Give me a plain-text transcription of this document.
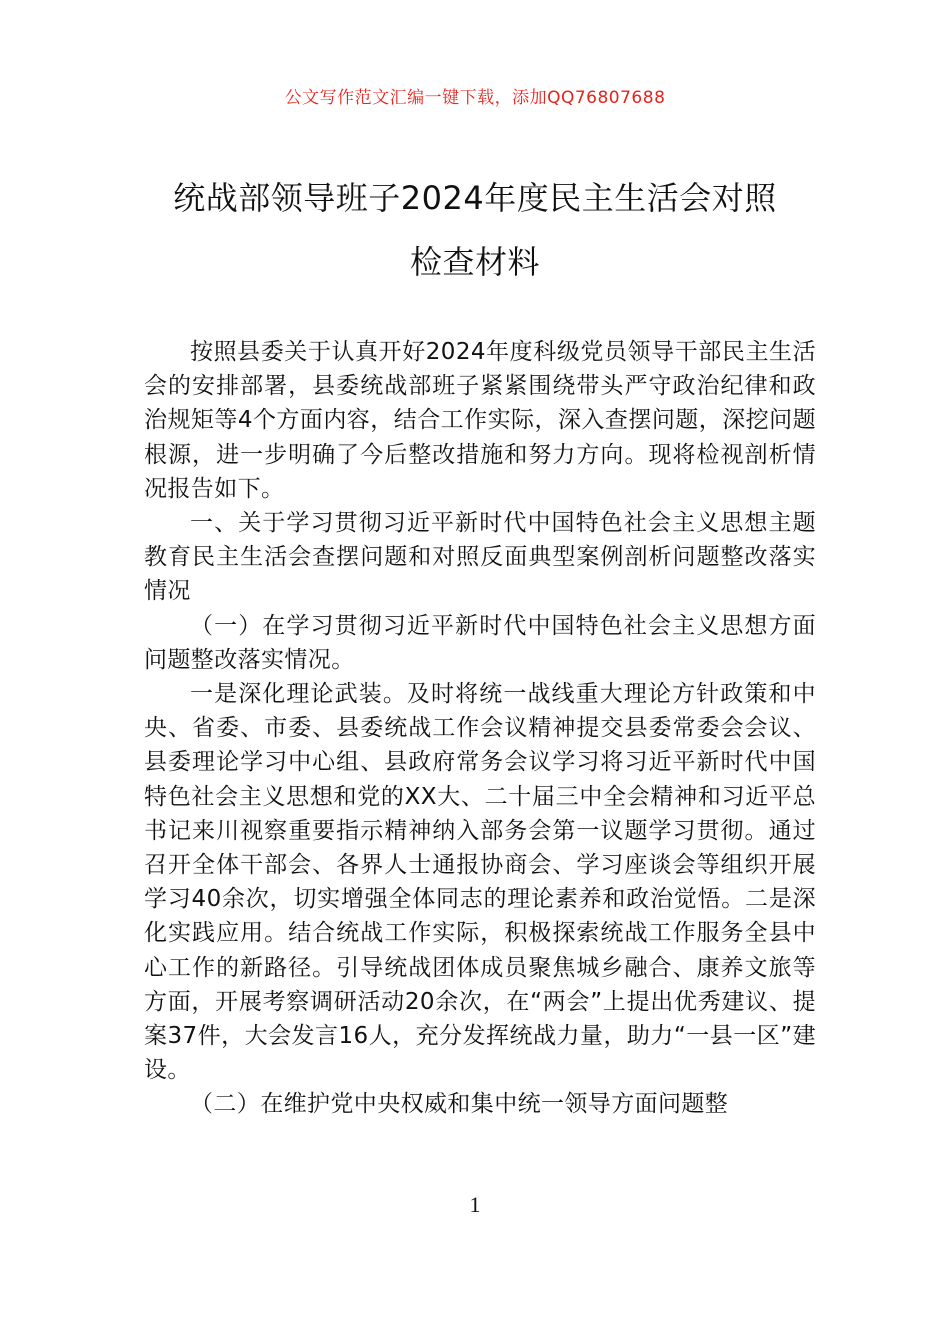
公文写作范文汇编一键下载，添加QQ76807688
统战部领导班子2024年度民主生活会对照
检查材料

按照县委关于认真开好2024年度科级党员领导干部民主生活会的安排部署，县委统战部班子紧紧围绕带头严守政治纪律和政治规矩等4个方面内容，结合工作实际，深入查摆问题，深挖问题根源，进一步明确了今后整改措施和努力方向。现将检视剖析情况报告如下。

一、关于学习贯彻习近平新时代中国特色社会主义思想主题教育民主生活会查摆问题和对照反面典型案例剖析问题整改落实情况

（一）在学习贯彻习近平新时代中国特色社会主义思想方面问题整改落实情况。

一是深化理论武装。及时将统一战线重大理论方针政策和中央、省委、市委、县委统战工作会议精神提交县委常委会会议、县委理论学习中心组、县政府常务会议学习将习近平新时代中国特色社会主义思想和党的XX大、二十届三中全会精神和习近平总书记来川视察重要指示精神纳入部务会第一议题学习贯彻。通过召开全体干部会、各界人士通报协商会、学习座谈会等组织开展学习40余次，切实增强全体同志的理论素养和政治觉悟。二是深化实践应用。结合统战工作实际，积极探索统战工作服务全县中心工作的新路径。引导统战团体成员聚焦城乡融合、康养文旅等方面，开展考察调研活动20余次，在“两会”上提出优秀建议、提案37件，大会发言16人，充分发挥统战力量，助力“一县一区”建设。

（二）在维护党中央权威和集中统一领导方面问题整

1
